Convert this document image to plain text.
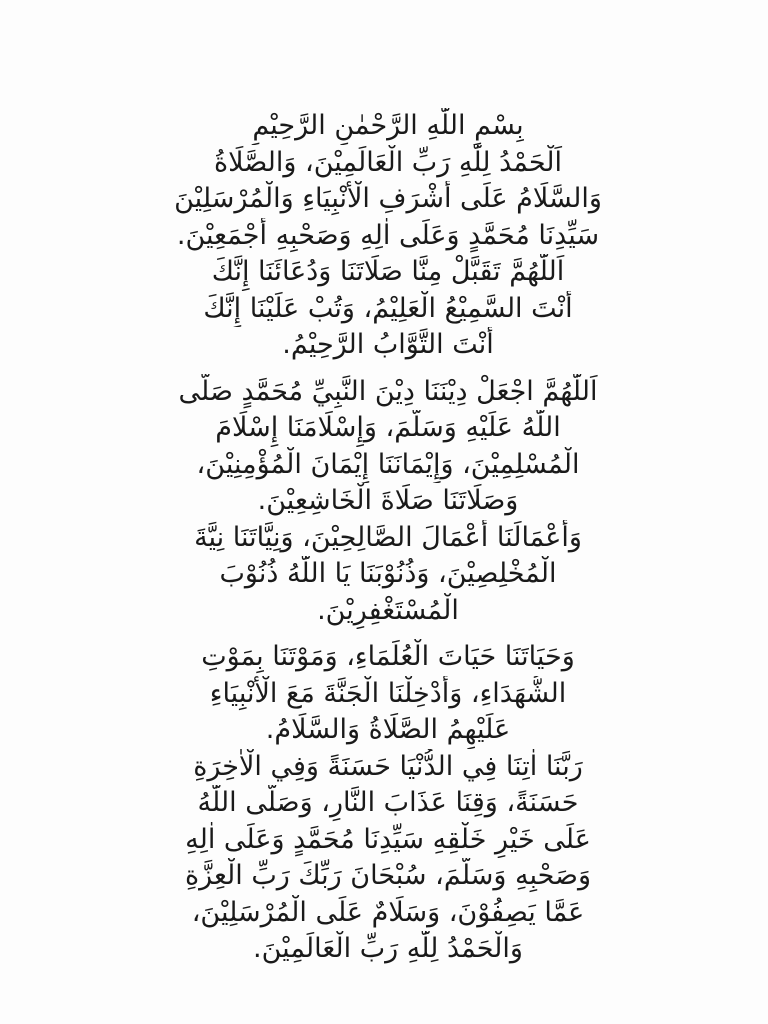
بِسْمِ اللّٰهِ الرَّحْمٰنِ الرَّحِيْمِ
اَلْحَمْدُ لِلّٰهِ رَبِّ الْعَالَمِيْنَ، وَالصَّلَاةُ
وَالسَّلَامُ عَلَى أَشْرَفِ الْأَنْبِيَاءِ وَالْمُرْسَلِيْنَ
سَيِّدِنَا مُحَمَّدٍ وَعَلَى اٰلِهِ وَصَحْبِهِ أَجْمَعِيْنَ.
اَللّٰهُمَّ تَقَبَّلْ مِنَّا صَلَاتَنَا وَدُعَائَنَا إِنَّكَ
أَنْتَ السَّمِيْعُ الْعَلِيْمُ، وَتُبْ عَلَيْنَا إِنَّكَ
أَنْتَ التَّوَّابُ الرَّحِيْمُ.
اَللّٰهُمَّ اجْعَلْ دِيْنَنَا دِيْنَ النَّبِيِّ مُحَمَّدٍ صَلَّى
اللّٰهُ عَلَيْهِ وَسَلَّمَ، وَإِسْلَامَنَا إِسْلَامَ
الْمُسْلِمِيْنَ، وَإِيْمَانَنَا إِيْمَانَ الْمُؤْمِنِيْنَ،
وَصَلَاتَنَا صَلَاةَ الْخَاشِعِيْنَ.
وَأَعْمَالَنَا أَعْمَالَ الصَّالِحِيْنَ، وَنِيَّاتَنَا نِيَّةَ
الْمُخْلِصِيْنَ، وَذُنُوْبَنَا يَا اللّٰهُ ذُنُوْبَ
الْمُسْتَغْفِرِيْنَ.
وَحَيَاتَنَا حَيَاتَ الْعُلَمَاءِ، وَمَوْتَنَا بِمَوْتِ
الشُّهَدَاءِ، وَأَدْخِلْنَا الْجَنَّةَ مَعَ الْأَنْبِيَاءِ
عَلَيْهِمُ الصَّلَاةُ وَالسَّلَامُ.
رَبَّنَا اٰتِنَا فِي الدُّنْيَا حَسَنَةً وَفِي الْاٰخِرَةِ
حَسَنَةً، وَقِنَا عَذَابَ النَّارِ، وَصَلَّى اللّٰهُ
عَلَى خَيْرِ خَلْقِهِ سَيِّدِنَا مُحَمَّدٍ وَعَلَى اٰلِهِ
وَصَحْبِهِ وَسَلَّمَ، سُبْحَانَ رَبِّكَ رَبِّ الْعِزَّةِ
عَمَّا يَصِفُوْنَ، وَسَلَامٌ عَلَى الْمُرْسَلِيْنَ،
وَالْحَمْدُ لِلّٰهِ رَبِّ الْعَالَمِيْنَ.
